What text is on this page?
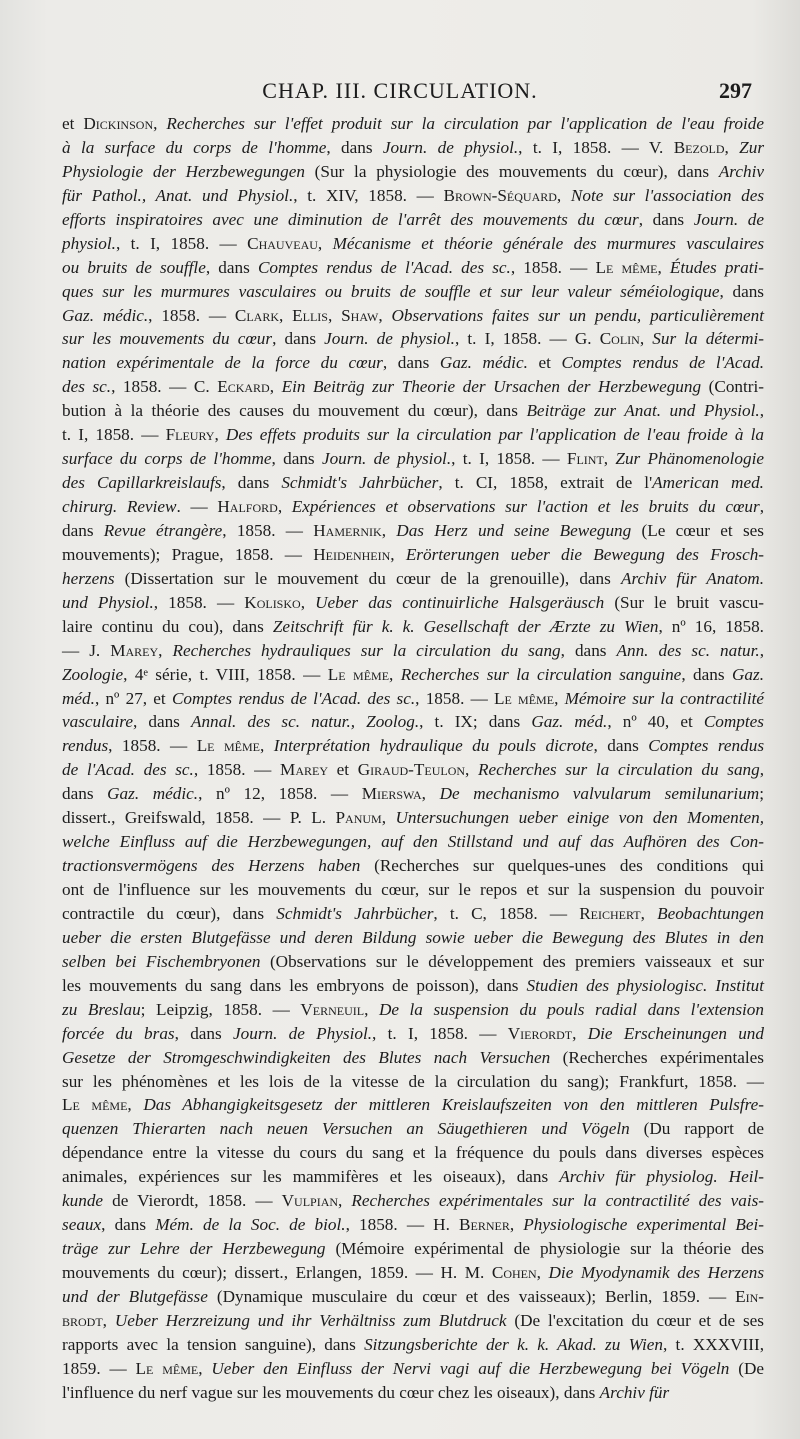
CHAP. III. CIRCULATION.	297
et Dickinson, Recherches sur l'effet produit sur la circulation par l'application de l'eau froide
à la surface du corps de l'homme, dans Journ. de physiol., t. I, 1858. — V. Bezold, Zur
Physiologie der Herzbewegungen (Sur la physiologie des mouvements du cœur), dans Archiv
für Pathol., Anat. und Physiol., t. XIV, 1858. — Brown-Séquard, Note sur l'association des
efforts inspiratoires avec une diminution de l'arrêt des mouvements du cœur, dans Journ. de
physiol., t. I, 1858. — Chauveau, Mécanisme et théorie générale des murmures vasculaires
ou bruits de souffle, dans Comptes rendus de l'Acad. des sc., 1858. — Le même, Études prati-
ques sur les murmures vasculaires ou bruits de souffle et sur leur valeur séméiologique, dans
Gaz. médic., 1858. — Clark, Ellis, Shaw, Observations faites sur un pendu, particulièrement
sur les mouvements du cœur, dans Journ. de physiol., t. I, 1858. — G. Colin, Sur la détermi-
nation expérimentale de la force du cœur, dans Gaz. médic. et Comptes rendus de l'Acad.
des sc., 1858. — C. Eckard, Ein Beiträg zur Theorie der Ursachen der Herzbewegung (Contri-
bution à la théorie des causes du mouvement du cœur), dans Beiträge zur Anat. und Physiol.,
t. I, 1858. — Fleury, Des effets produits sur la circulation par l'application de l'eau froide à la
surface du corps de l'homme, dans Journ. de physiol., t. I, 1858. — Flint, Zur Phänomenologie
des Capillarkreislaufs, dans Schmidt's Jahrbücher, t. CI, 1858, extrait de l'American med.
chirurg. Review. — Halford, Expériences et observations sur l'action et les bruits du cœur,
dans Revue étrangère, 1858. — Hamernik, Das Herz und seine Bewegung (Le cœur et ses
mouvements); Prague, 1858. — Heidenhein, Erörterungen ueber die Bewegung des Frosch-
herzens (Dissertation sur le mouvement du cœur de la grenouille), dans Archiv für Anatom.
und Physiol., 1858. — Kolisko, Ueber das continuirliche Halsgeräusch (Sur le bruit vascu-
laire continu du cou), dans Zeitschrift für k. k. Gesellschaft der Ærzte zu Wien, nº 16, 1858.
— J. Marey, Recherches hydrauliques sur la circulation du sang, dans Ann. des sc. natur.,
Zoologie, 4ᵉ série, t. VIII, 1858. — Le même, Recherches sur la circulation sanguine, dans Gaz.
méd., nº 27, et Comptes rendus de l'Acad. des sc., 1858. — Le même, Mémoire sur la contractilité
vasculaire, dans Annal. des sc. natur., Zoolog., t. IX; dans Gaz. méd., nº 40, et Comptes
rendus, 1858. — Le même, Interprétation hydraulique du pouls dicrote, dans Comptes rendus
de l'Acad. des sc., 1858. — Marey et Giraud-Teulon, Recherches sur la circulation du sang,
dans Gaz. médic., nº 12, 1858. — Mierswa, De mechanismo valvularum semilunarium;
dissert., Greifswald, 1858. — P. L. Panum, Untersuchungen ueber einige von den Momenten,
welche Einfluss auf die Herzbewegungen, auf den Stillstand und auf das Aufhören des Con-
tractionsvermögens des Herzens haben (Recherches sur quelques-unes des conditions qui
ont de l'influence sur les mouvements du cœur, sur le repos et sur la suspension du pouvoir
contractile du cœur), dans Schmidt's Jahrbücher, t. C, 1858. — Reichert, Beobachtungen
ueber die ersten Blutgefässe und deren Bildung sowie ueber die Bewegung des Blutes in den
selben bei Fischembryonen (Observations sur le développement des premiers vaisseaux et sur
les mouvements du sang dans les embryons de poisson), dans Studien des physiologisc. Institut
zu Breslau; Leipzig, 1858. — Verneuil, De la suspension du pouls radial dans l'extension
forcée du bras, dans Journ. de Physiol., t. I, 1858. — Vierordt, Die Erscheinungen und
Gesetze der Stromgeschwindigkeiten des Blutes nach Versuchen (Recherches expérimentales
sur les phénomènes et les lois de la vitesse de la circulation du sang); Frankfurt, 1858. —
Le même, Das Abhangigkeitsgesetz der mittleren Kreislaufszeiten von den mittleren Pulsfre-
quenzen Thierarten nach neuen Versuchen an Säugethieren und Vögeln (Du rapport de
dépendance entre la vitesse du cours du sang et la fréquence du pouls dans diverses espèces
animales, expériences sur les mammifères et les oiseaux), dans Archiv für physiolog. Heil-
kunde de Vierordt, 1858. — Vulpian, Recherches expérimentales sur la contractilité des vais-
seaux, dans Mém. de la Soc. de biol., 1858. — H. Berner, Physiologische experimental Bei-
träge zur Lehre der Herzbewegung (Mémoire expérimental de physiologie sur la théorie des
mouvements du cœur); dissert., Erlangen, 1859. — H. M. Cohen, Die Myodynamik des Herzens
und der Blutgefässe (Dynamique musculaire du cœur et des vaisseaux); Berlin, 1859. — Ein-
brodt, Ueber Herzreizung und ihr Verhältniss zum Blutdruck (De l'excitation du cœur et de ses
rapports avec la tension sanguine), dans Sitzungsberichte der k. k. Akad. zu Wien, t. XXXVIII,
1859. — Le même, Ueber den Einfluss der Nervi vagi auf die Herzbewegung bei Vögeln (De
l'influence du nerf vague sur les mouvements du cœur chez les oiseaux), dans Archiv für
